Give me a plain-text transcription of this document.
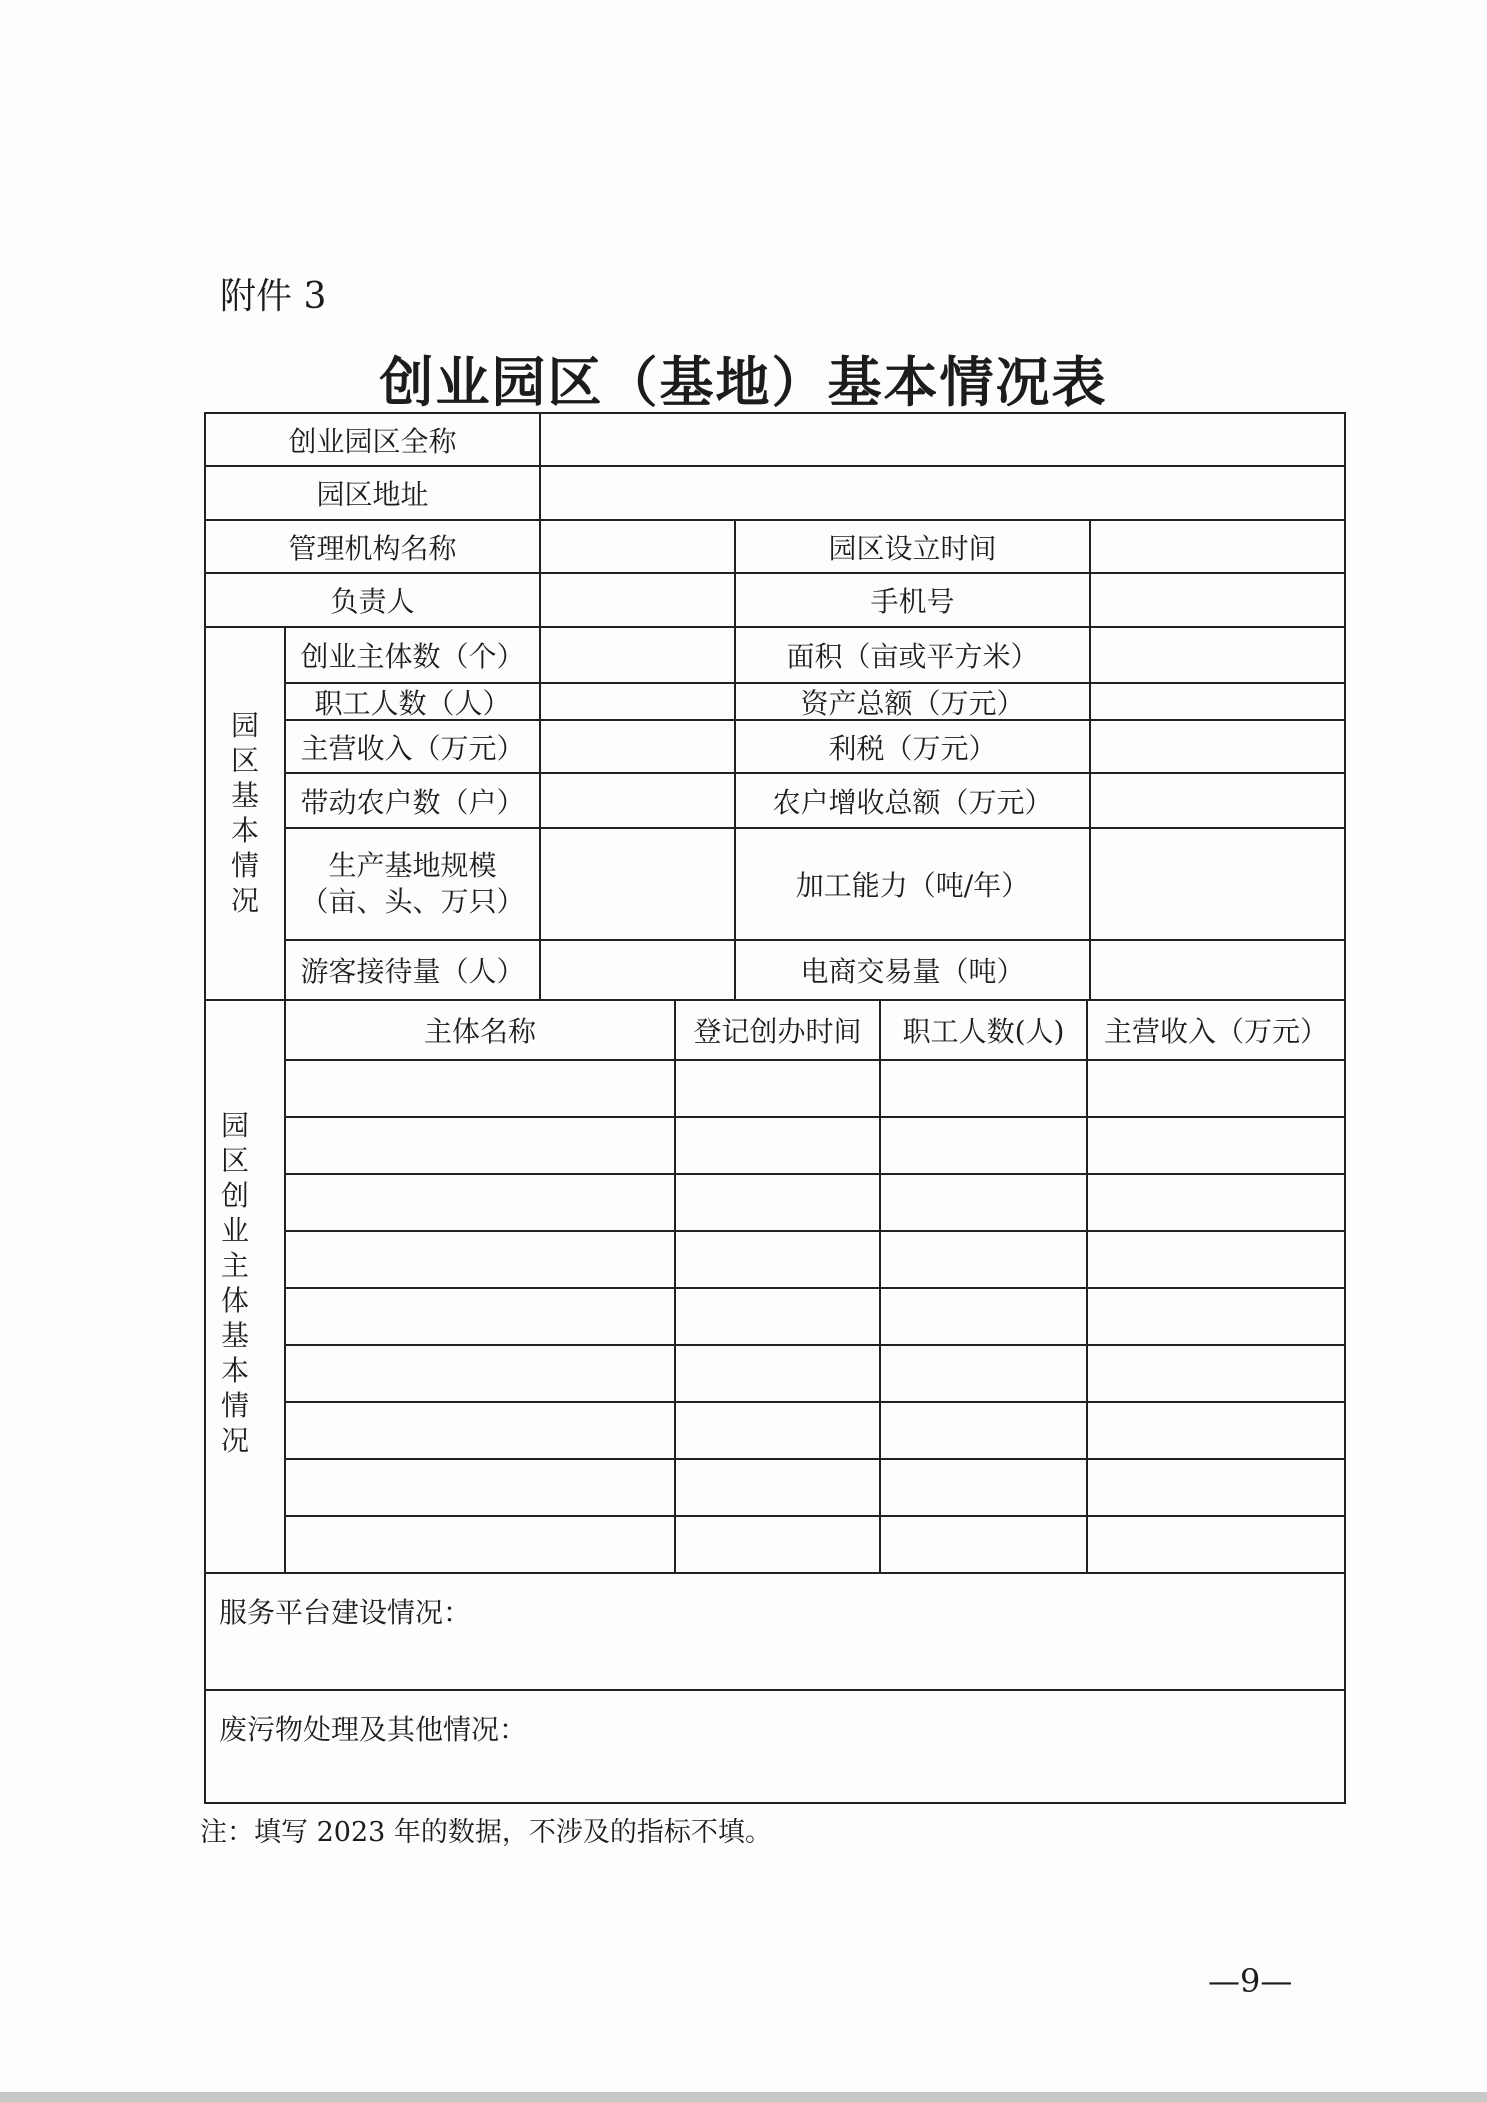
附件 3
创业园区（基地）基本情况表
创业园区全称
园区地址
管理机构名称	园区设立时间
负责人	手机号
园区基本情况
创业主体数（个）	面积（亩或平方米）
职工人数（人）	资产总额（万元）
主营收入（万元）	利税（万元）
带动农户数（户）	农户增收总额（万元）
生产基地规模（亩、头、万只）	加工能力（吨/年）
游客接待量（人）	电商交易量（吨）
园区创业主体基本情况
主体名称	登记创办时间	职工人数(人)	主营收入（万元）
服务平台建设情况：
废污物处理及其他情况：
注：填写 2023 年的数据，不涉及的指标不填。
—9—
